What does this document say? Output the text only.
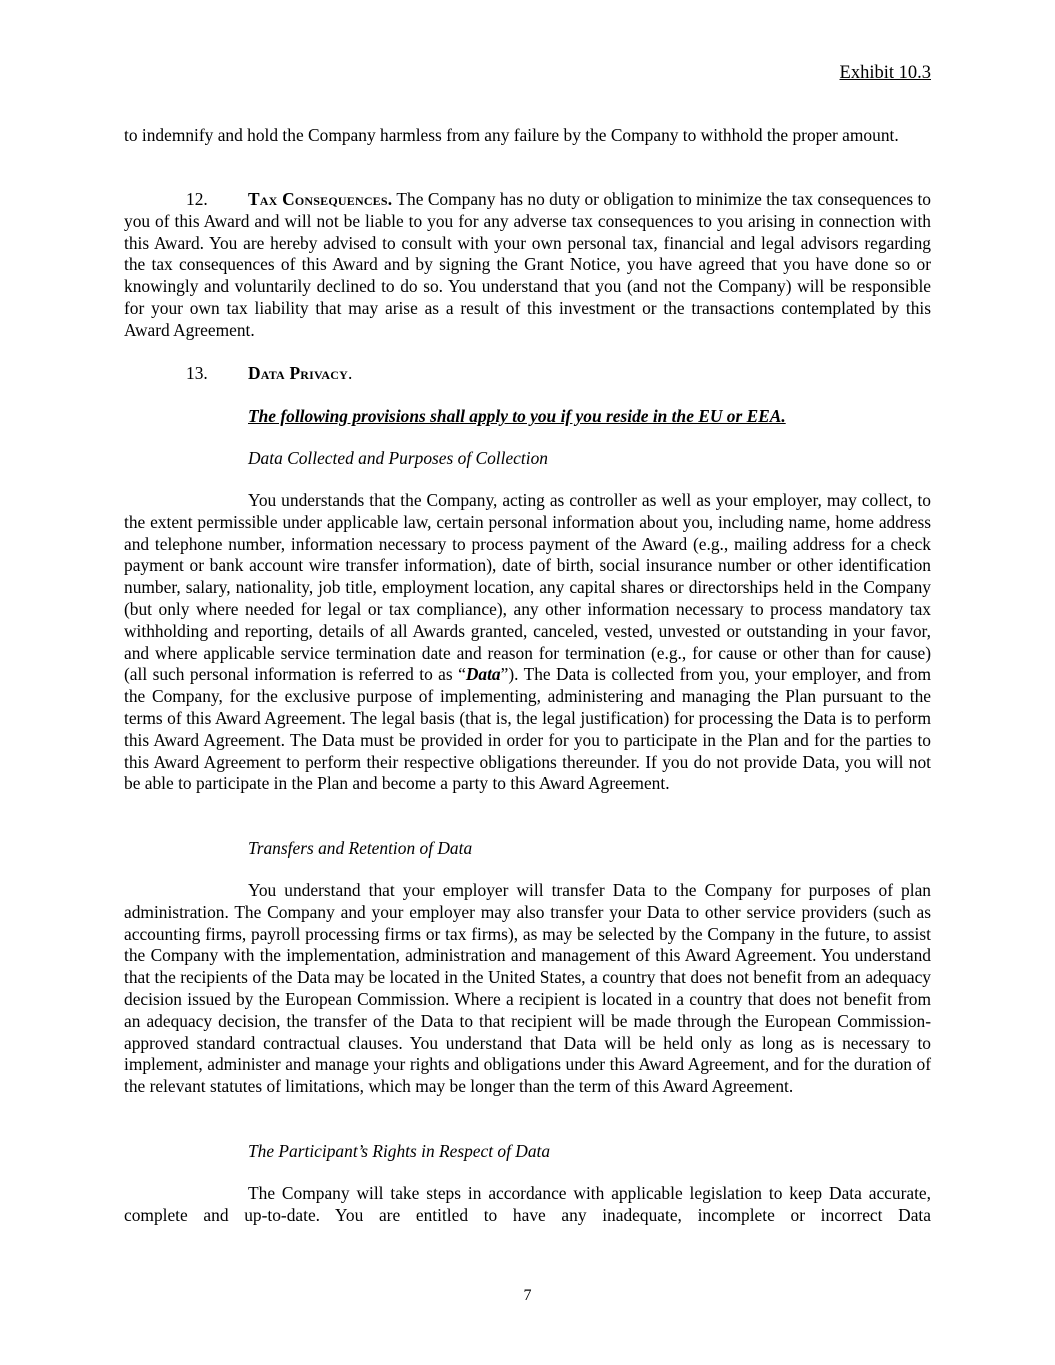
Exhibit 10.3

to indemnify and hold the Company harmless from any failure by the Company to withhold the proper amount.

12. Tax Consequences. The Company has no duty or obligation to minimize the tax consequences to you of this Award and will not be liable to you for any adverse tax consequences to you arising in connection with this Award. You are hereby advised to consult with your own personal tax, financial and legal advisors regarding the tax consequences of this Award and by signing the Grant Notice, you have agreed that you have done so or knowingly and voluntarily declined to do so. You understand that you (and not the Company) will be responsible for your own tax liability that may arise as a result of this investment or the transactions contemplated by this Award Agreement.

13. Data Privacy.

The following provisions shall apply to you if you reside in the EU or EEA.

Data Collected and Purposes of Collection

You understands that the Company, acting as controller as well as your employer, may collect, to the extent permissible under applicable law, certain personal information about you, including name, home address and telephone number, information necessary to process payment of the Award (e.g., mailing address for a check payment or bank account wire transfer information), date of birth, social insurance number or other identification number, salary, nationality, job title, employment location, any capital shares or directorships held in the Company (but only where needed for legal or tax compliance), any other information necessary to process mandatory tax withholding and reporting, details of all Awards granted, canceled, vested, unvested or outstanding in your favor, and where applicable service termination date and reason for termination (e.g., for cause or other than for cause) (all such personal information is referred to as “Data”). The Data is collected from you, your employer, and from the Company, for the exclusive purpose of implementing, administering and managing the Plan pursuant to the terms of this Award Agreement. The legal basis (that is, the legal justification) for processing the Data is to perform this Award Agreement. The Data must be provided in order for you to participate in the Plan and for the parties to this Award Agreement to perform their respective obligations thereunder. If you do not provide Data, you will not be able to participate in the Plan and become a party to this Award Agreement.

Transfers and Retention of Data

You understand that your employer will transfer Data to the Company for purposes of plan administration. The Company and your employer may also transfer your Data to other service providers (such as accounting firms, payroll processing firms or tax firms), as may be selected by the Company in the future, to assist the Company with the implementation, administration and management of this Award Agreement. You understand that the recipients of the Data may be located in the United States, a country that does not benefit from an adequacy decision issued by the European Commission. Where a recipient is located in a country that does not benefit from an adequacy decision, the transfer of the Data to that recipient will be made through the European Commission-approved standard contractual clauses. You understand that Data will be held only as long as is necessary to implement, administer and manage your rights and obligations under this Award Agreement, and for the duration of the relevant statutes of limitations, which may be longer than the term of this Award Agreement.

The Participant’s Rights in Respect of Data

The Company will take steps in accordance with applicable legislation to keep Data accurate, complete and up-to-date. You are entitled to have any inadequate, incomplete or incorrect Data

7
